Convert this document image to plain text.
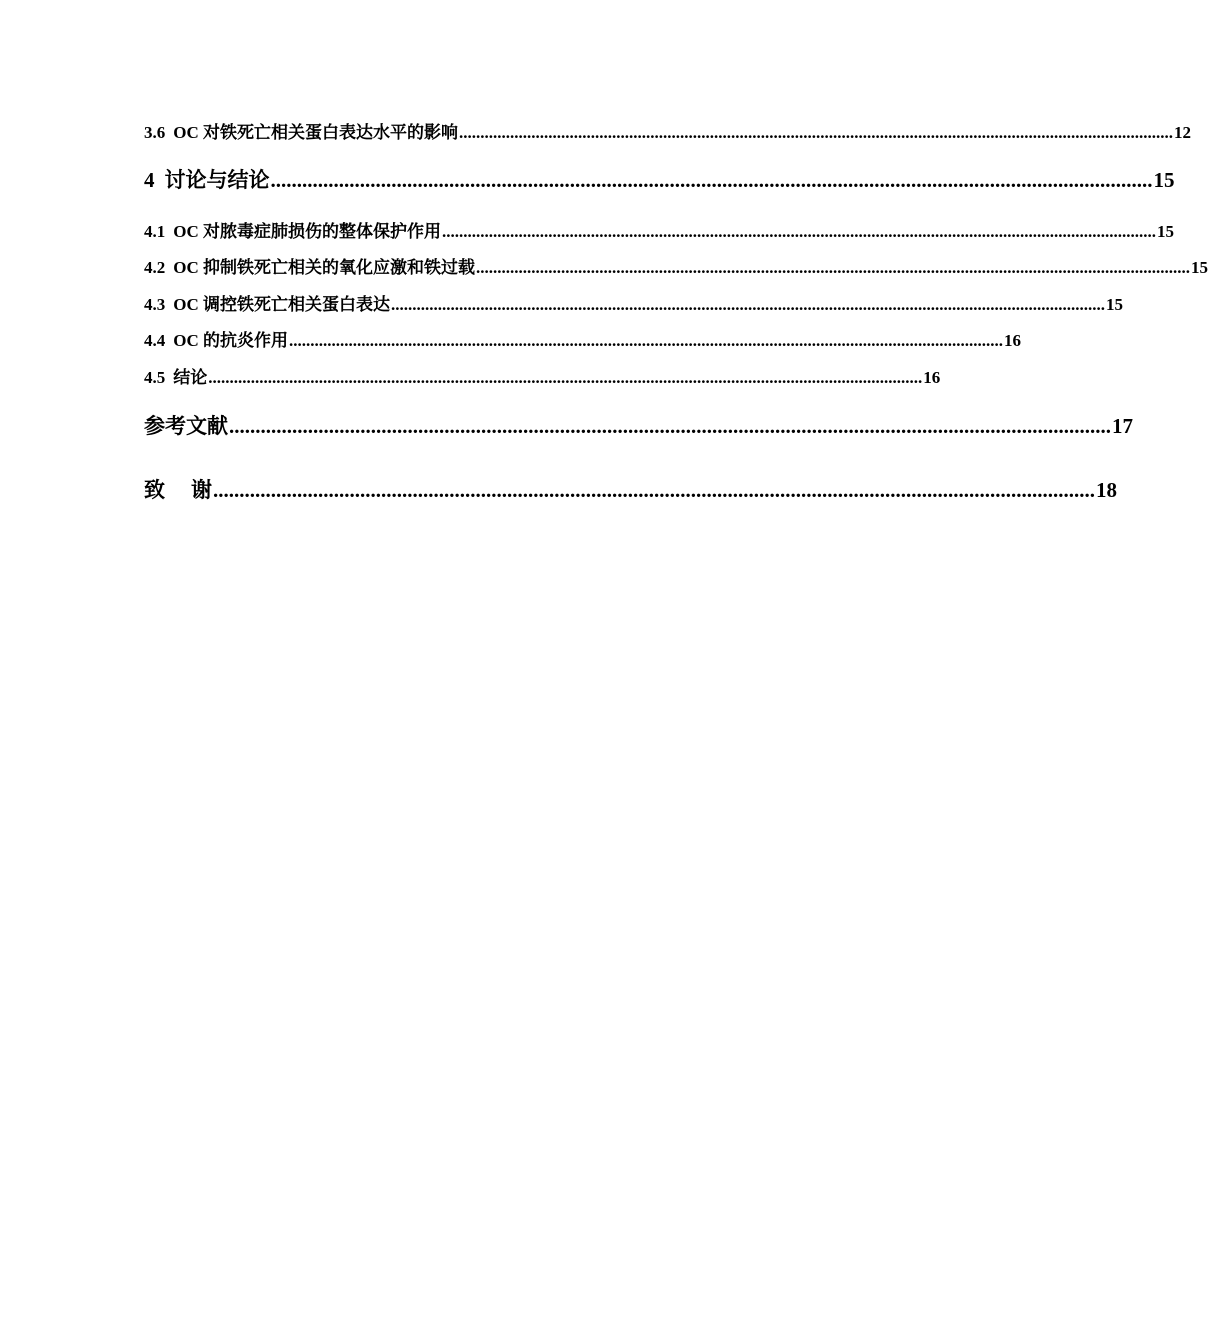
3.6 OC 对铁死亡相关蛋白表达水平的影响 ........................................................................................................................................................................ 12
4 讨论与结论 ........................................................................................................................................................................ 15
4.1 OC 对脓毒症肺损伤的整体保护作用 ........................................................................................................................................................................ 15
4.2 OC 抑制铁死亡相关的氧化应激和铁过载 ........................................................................................................................................................................ 15
4.3 OC 调控铁死亡相关蛋白表达 ........................................................................................................................................................................ 15
4.4 OC 的抗炎作用 ........................................................................................................................................................................ 16
4.5 结论 ........................................................................................................................................................................ 16
参考文献 ........................................................................................................................................................................ 17
致 谢 ........................................................................................................................................................................ 18
